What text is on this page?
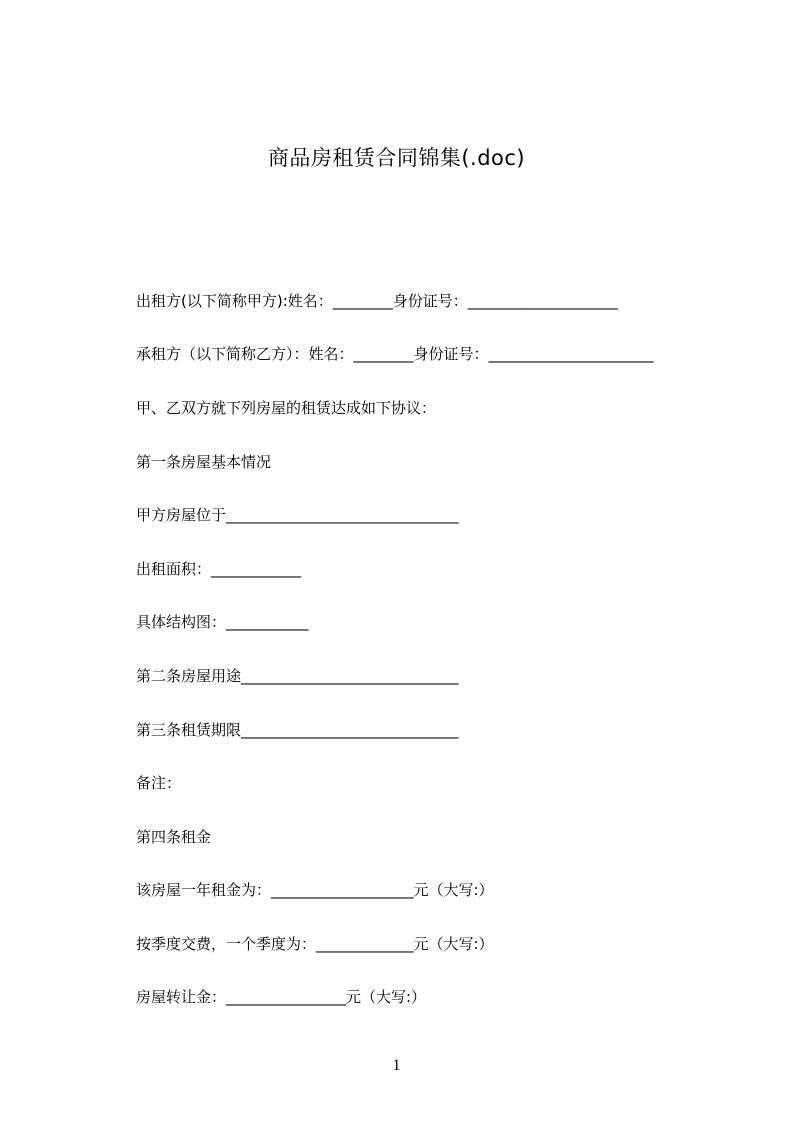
商品房租赁合同锦集(.doc)
出租方(以下简称甲方):姓名：________身份证号：____________________
承租方（以下简称乙方）：姓名：________身份证号：______________________
甲、乙双方就下列房屋的租赁达成如下协议：
第一条房屋基本情况
甲方房屋位于_______________________________
出租面积：____________
具体结构图：___________
第二条房屋用途_____________________________
第三条租赁期限_____________________________
备注：
第四条租金
该房屋一年租金为：___________________元（大写:）
按季度交费，一个季度为：_____________元（大写:）
房屋转让金：________________元（大写:）
1
